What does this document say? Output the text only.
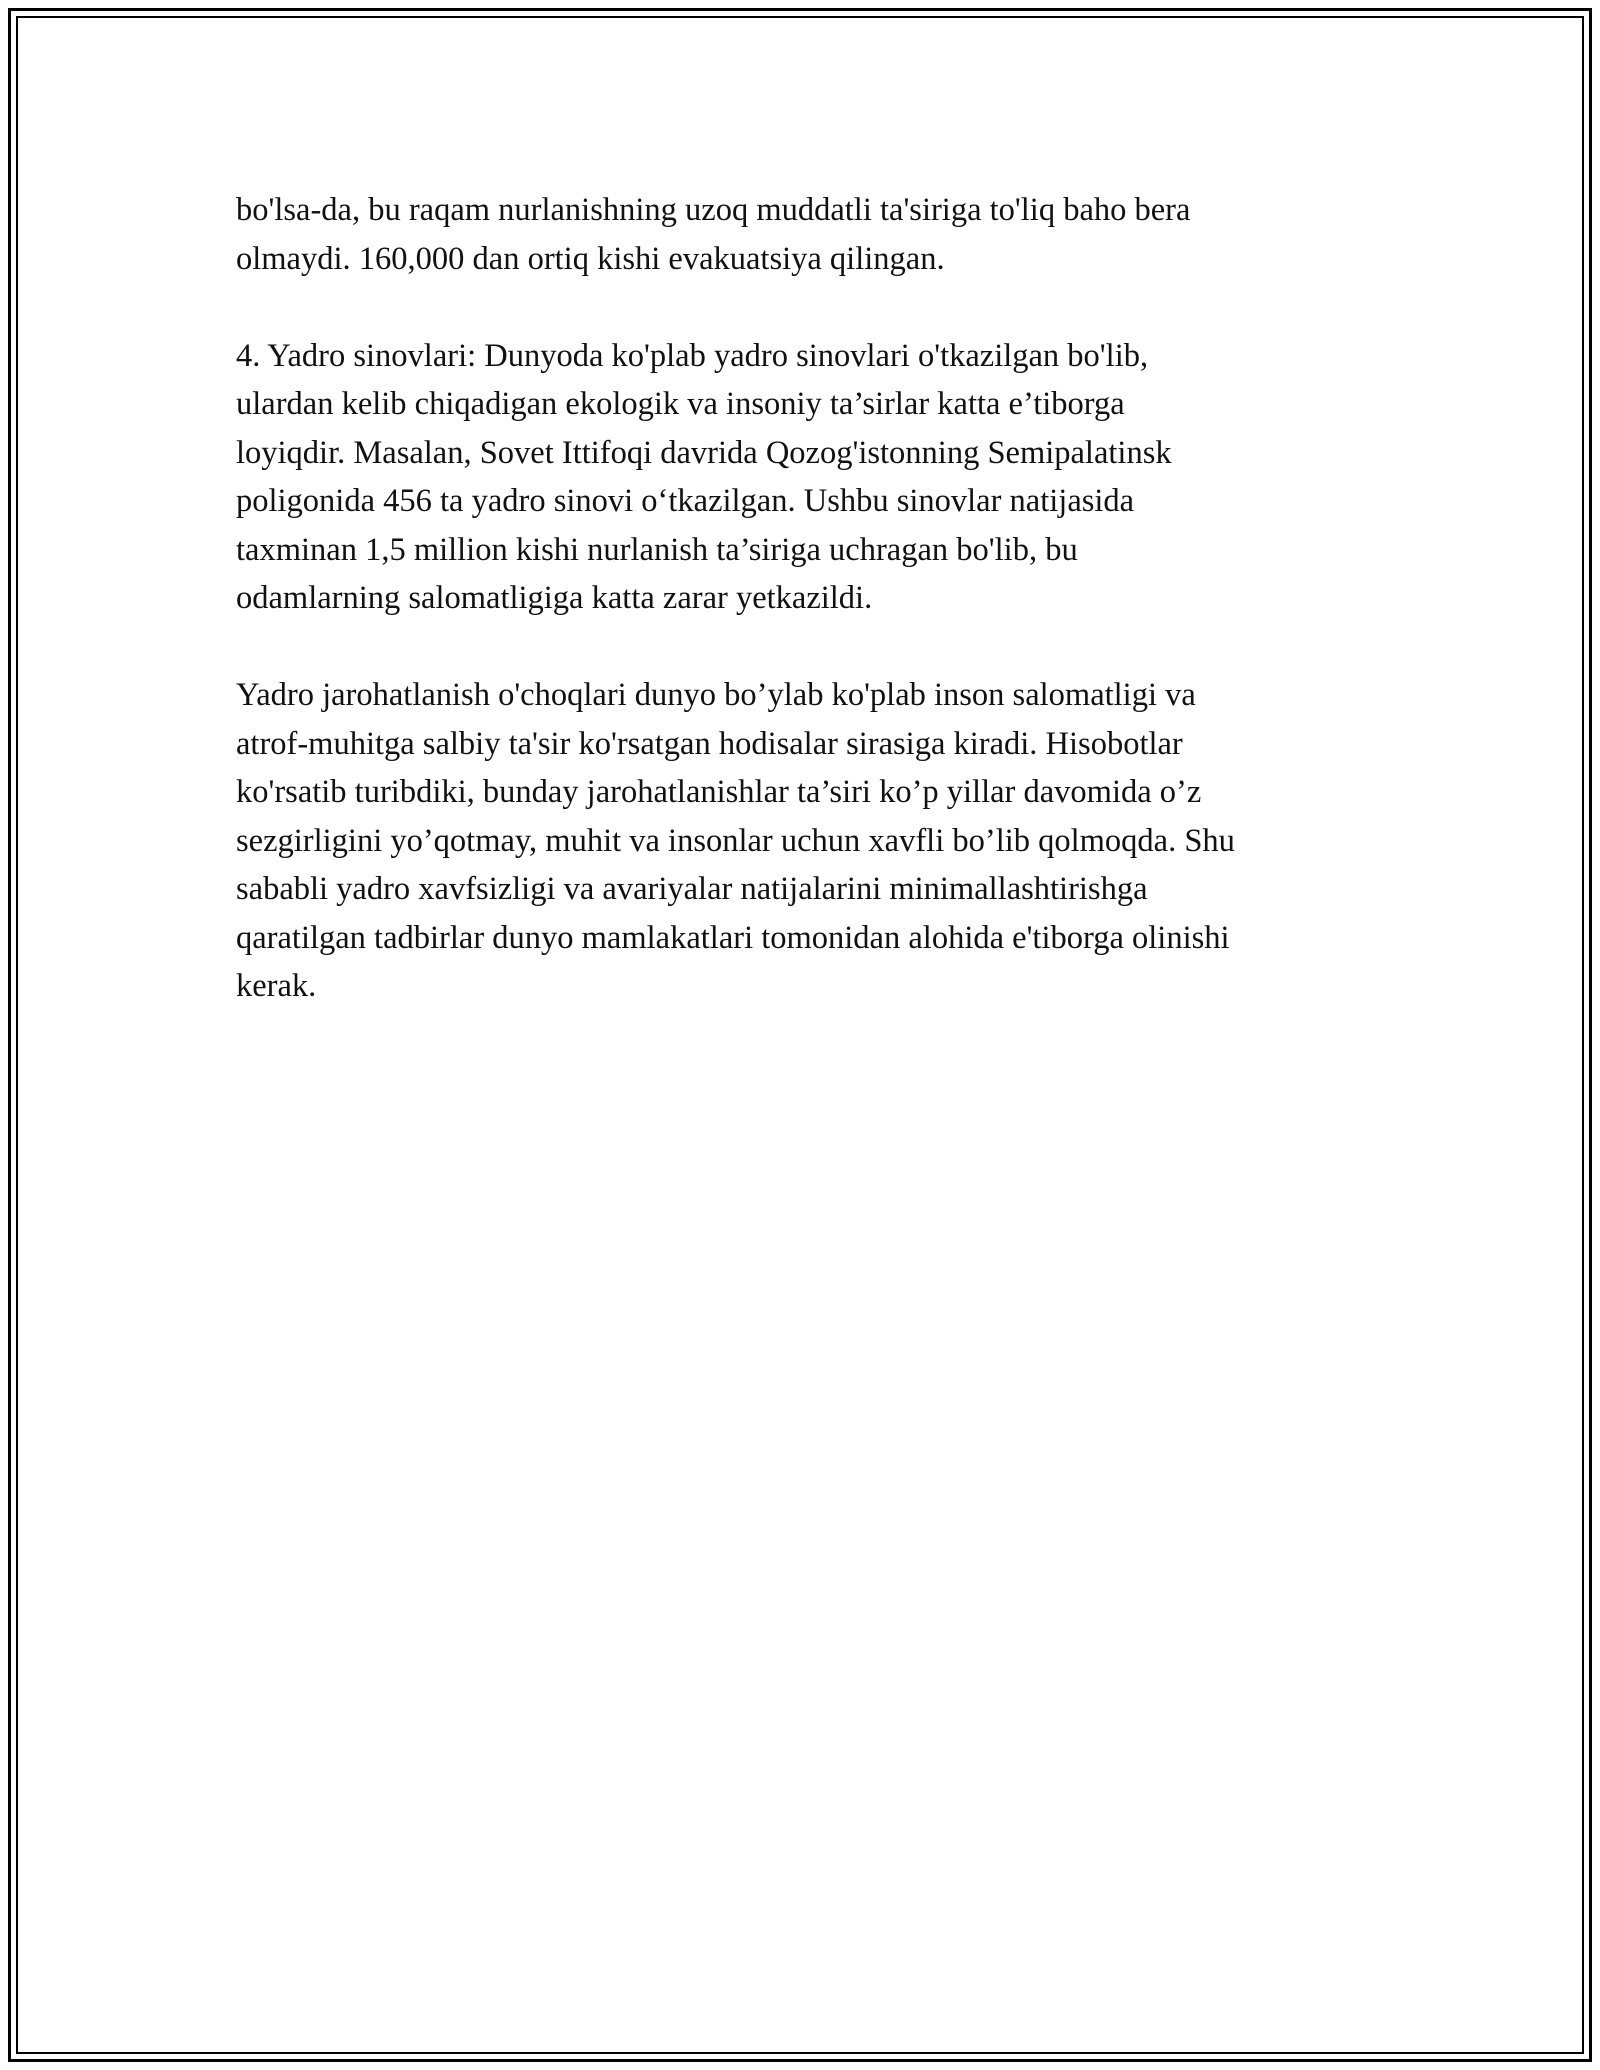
bo'lsa-da, bu raqam nurlanishning uzoq muddatli ta'siriga to'liq baho bera
olmaydi. 160,000 dan ortiq kishi evakuatsiya qilingan.

4. Yadro sinovlari: Dunyoda ko'plab yadro sinovlari o'tkazilgan bo'lib,
ulardan kelib chiqadigan ekologik va insoniy ta’sirlar katta e’tiborga
loyiqdir. Masalan, Sovet Ittifoqi davrida Qozog'istonning Semipalatinsk
poligonida 456 ta yadro sinovi o‘tkazilgan. Ushbu sinovlar natijasida
taxminan 1,5 million kishi nurlanish ta’siriga uchragan bo'lib, bu
odamlarning salomatligiga katta zarar yetkazildi.

Yadro jarohatlanish o'choqlari dunyo bo’ylab ko'plab inson salomatligi va
atrof-muhitga salbiy ta'sir ko'rsatgan hodisalar sirasiga kiradi. Hisobotlar
ko'rsatib turibdiki, bunday jarohatlanishlar ta’siri ko’p yillar davomida o’z
sezgirligini yo’qotmay, muhit va insonlar uchun xavfli bo’lib qolmoqda. Shu
sababli yadro xavfsizligi va avariyalar natijalarini minimallashtirishga
qaratilgan tadbirlar dunyo mamlakatlari tomonidan alohida e'tiborga olinishi
kerak.
